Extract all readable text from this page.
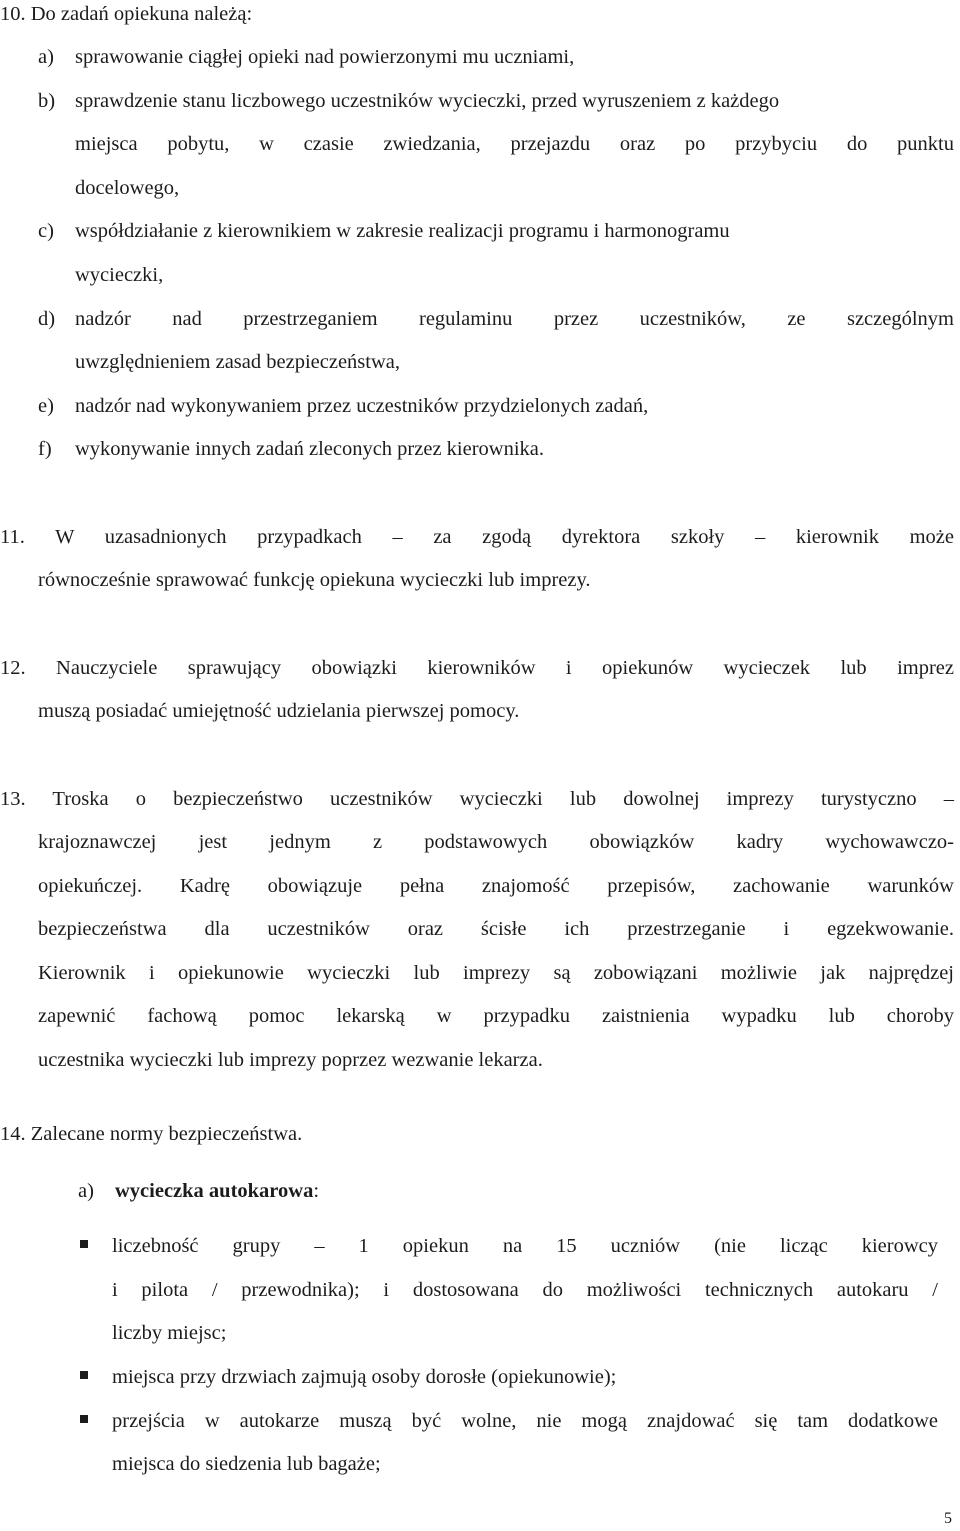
10. Do zadań opiekuna należą:
a) sprawowanie ciągłej opieki nad powierzonymi mu uczniami,
b) sprawdzenie stanu liczbowego uczestników wycieczki, przed wyruszeniem z każdego
miejsca pobytu, w czasie zwiedzania, przejazdu oraz po przybyciu do punktu
docelowego,
c) współdziałanie z kierownikiem w zakresie realizacji programu i harmonogramu
wycieczki,
d) nadzór nad przestrzeganiem regulaminu przez uczestników, ze szczególnym
uwzględnieniem zasad bezpieczeństwa,
e) nadzór nad wykonywaniem przez uczestników przydzielonych zadań,
f) wykonywanie innych zadań zleconych przez kierownika.
11. W uzasadnionych przypadkach – za zgodą dyrektora szkoły – kierownik może
równocześnie sprawować funkcję opiekuna wycieczki lub imprezy.
12. Nauczyciele sprawujący obowiązki kierowników i opiekunów wycieczek lub imprez
muszą posiadać umiejętność udzielania pierwszej pomocy.
13. Troska o bezpieczeństwo uczestników wycieczki lub dowolnej imprezy turystyczno –
krajoznawczej jest jednym z podstawowych obowiązków kadry wychowawczo-
opiekuńczej. Kadrę obowiązuje pełna znajomość przepisów, zachowanie warunków
bezpieczeństwa dla uczestników oraz ścisłe ich przestrzeganie i egzekwowanie.
Kierownik i opiekunowie wycieczki lub imprezy są zobowiązani możliwie jak najprędzej
zapewnić fachową pomoc lekarską w przypadku zaistnienia wypadku lub choroby
uczestnika wycieczki lub imprezy poprzez wezwanie lekarza.
14. Zalecane normy bezpieczeństwa.
a) wycieczka autokarowa:
liczebność grupy – 1 opiekun na 15 uczniów (nie licząc kierowcy
i pilota / przewodnika); i dostosowana do możliwości technicznych autokaru /
liczby miejsc;
miejsca przy drzwiach zajmują osoby dorosłe (opiekunowie);
przejścia w autokarze muszą być wolne, nie mogą znajdować się tam dodatkowe
miejsca do siedzenia lub bagaże;
5
